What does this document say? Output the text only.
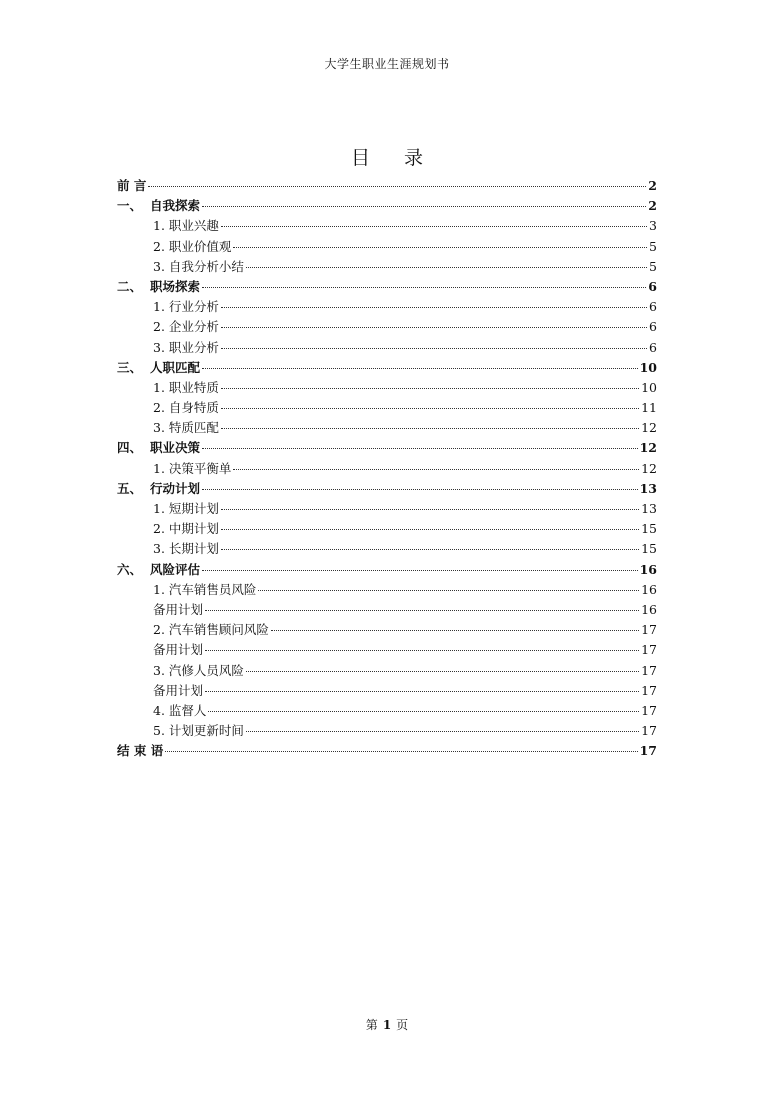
大学生职业生涯规划书
目 录
前 言	2
一、 自我探索	2
1. 职业兴趣	3
2. 职业价值观	5
3. 自我分析小结	5
二、 职场探索	6
1. 行业分析	6
2. 企业分析	6
3. 职业分析	6
三、 人职匹配	10
1. 职业特质	10
2. 自身特质	11
3. 特质匹配	12
四、 职业决策	12
1. 决策平衡单	12
五、 行动计划	13
1. 短期计划	13
2. 中期计划	15
3. 长期计划	15
六、 风险评估	16
1. 汽车销售员风险	16
备用计划	16
2. 汽车销售顾问风险	17
备用计划	17
3. 汽修人员风险	17
备用计划	17
4. 监督人	17
5. 计划更新时间	17
结 束 语	17
第 1 页
